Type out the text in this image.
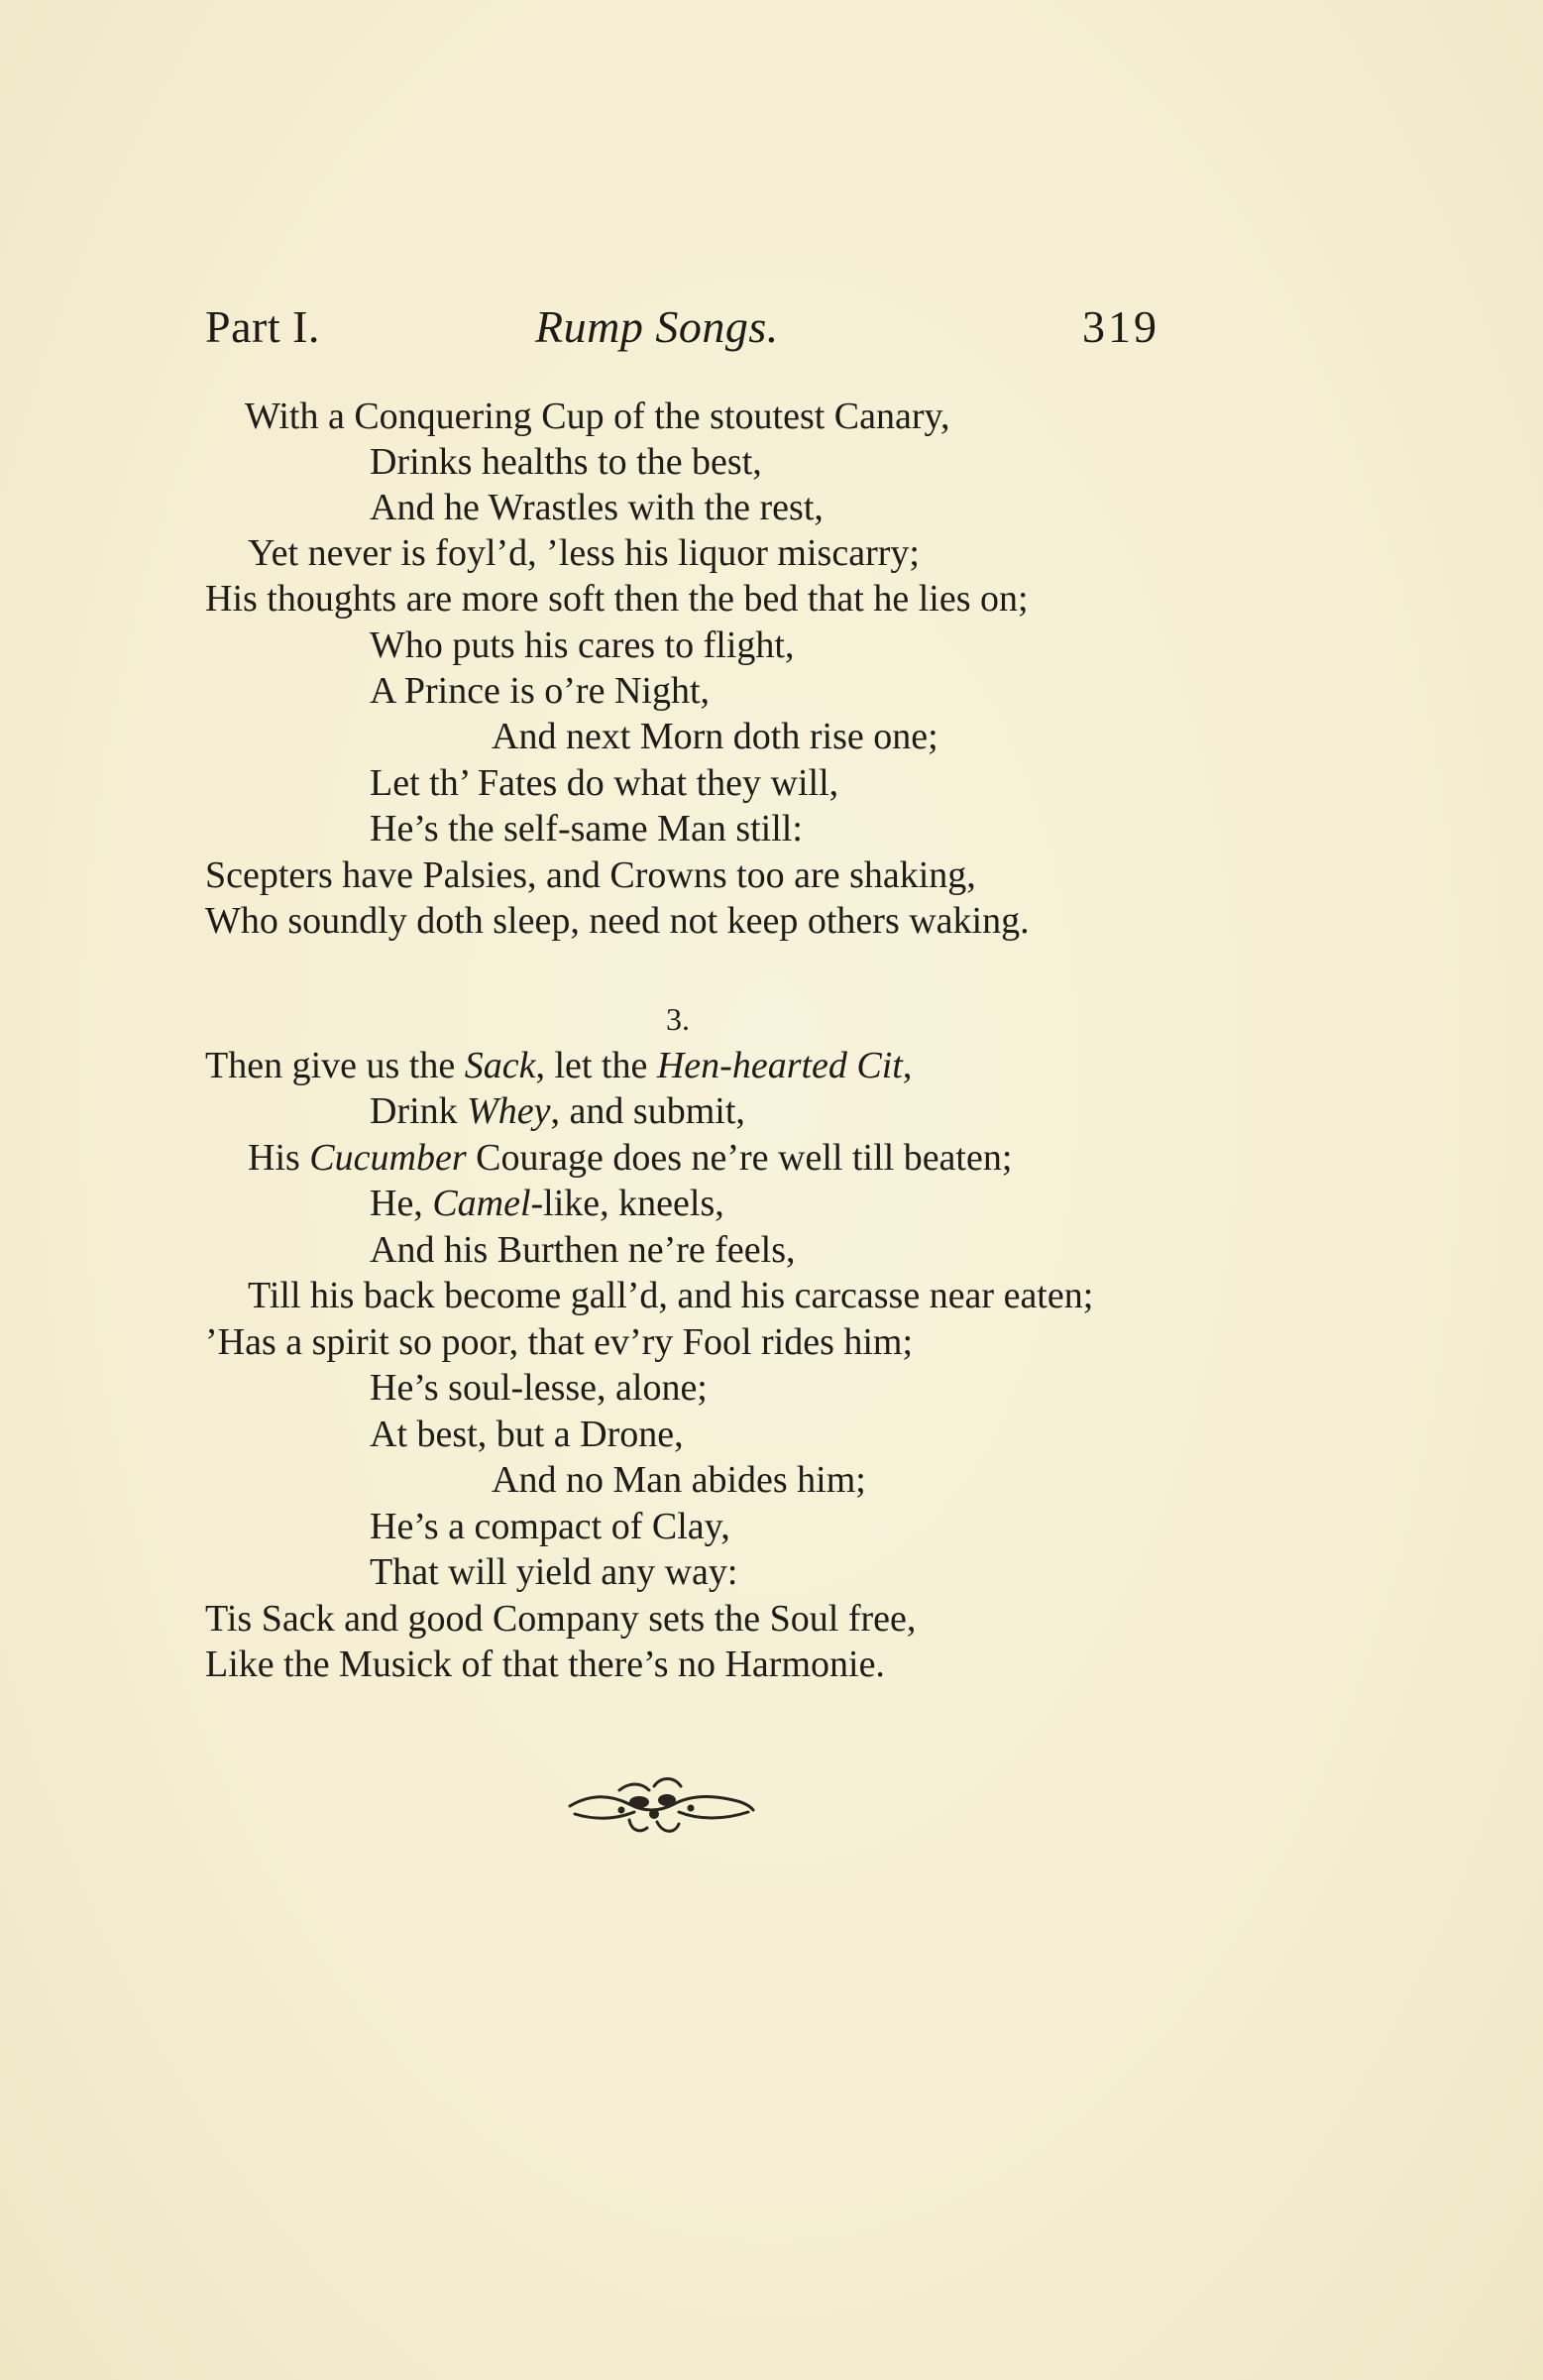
Part I.	Rump Songs.	319
With a Conquering Cup of the stoutest Canary,
Drinks healths to the best,
And he Wrastles with the rest,
Yet never is foyl’d, ’less his liquor miscarry;
His thoughts are more soft then the bed that he lies on;
Who puts his cares to flight,
A Prince is o’re Night,
And next Morn doth rise one;
Let th’ Fates do what they will,
He’s the self-same Man still:
Scepters have Palsies, and Crowns too are shaking,
Who soundly doth sleep, need not keep others waking.
3.
Then give us the Sack, let the Hen-hearted Cit,
Drink Whey, and submit,
His Cucumber Courage does ne’re well till beaten;
He, Camel-like, kneels,
And his Burthen ne’re feels,
Till his back become gall’d, and his carcasse near eaten;
’Has a spirit so poor, that ev’ry Fool rides him;
He’s soul-lesse, alone;
At best, but a Drone,
And no Man abides him;
He’s a compact of Clay,
That will yield any way:
Tis Sack and good Company sets the Soul free,
Like the Musick of that there’s no Harmonie.
